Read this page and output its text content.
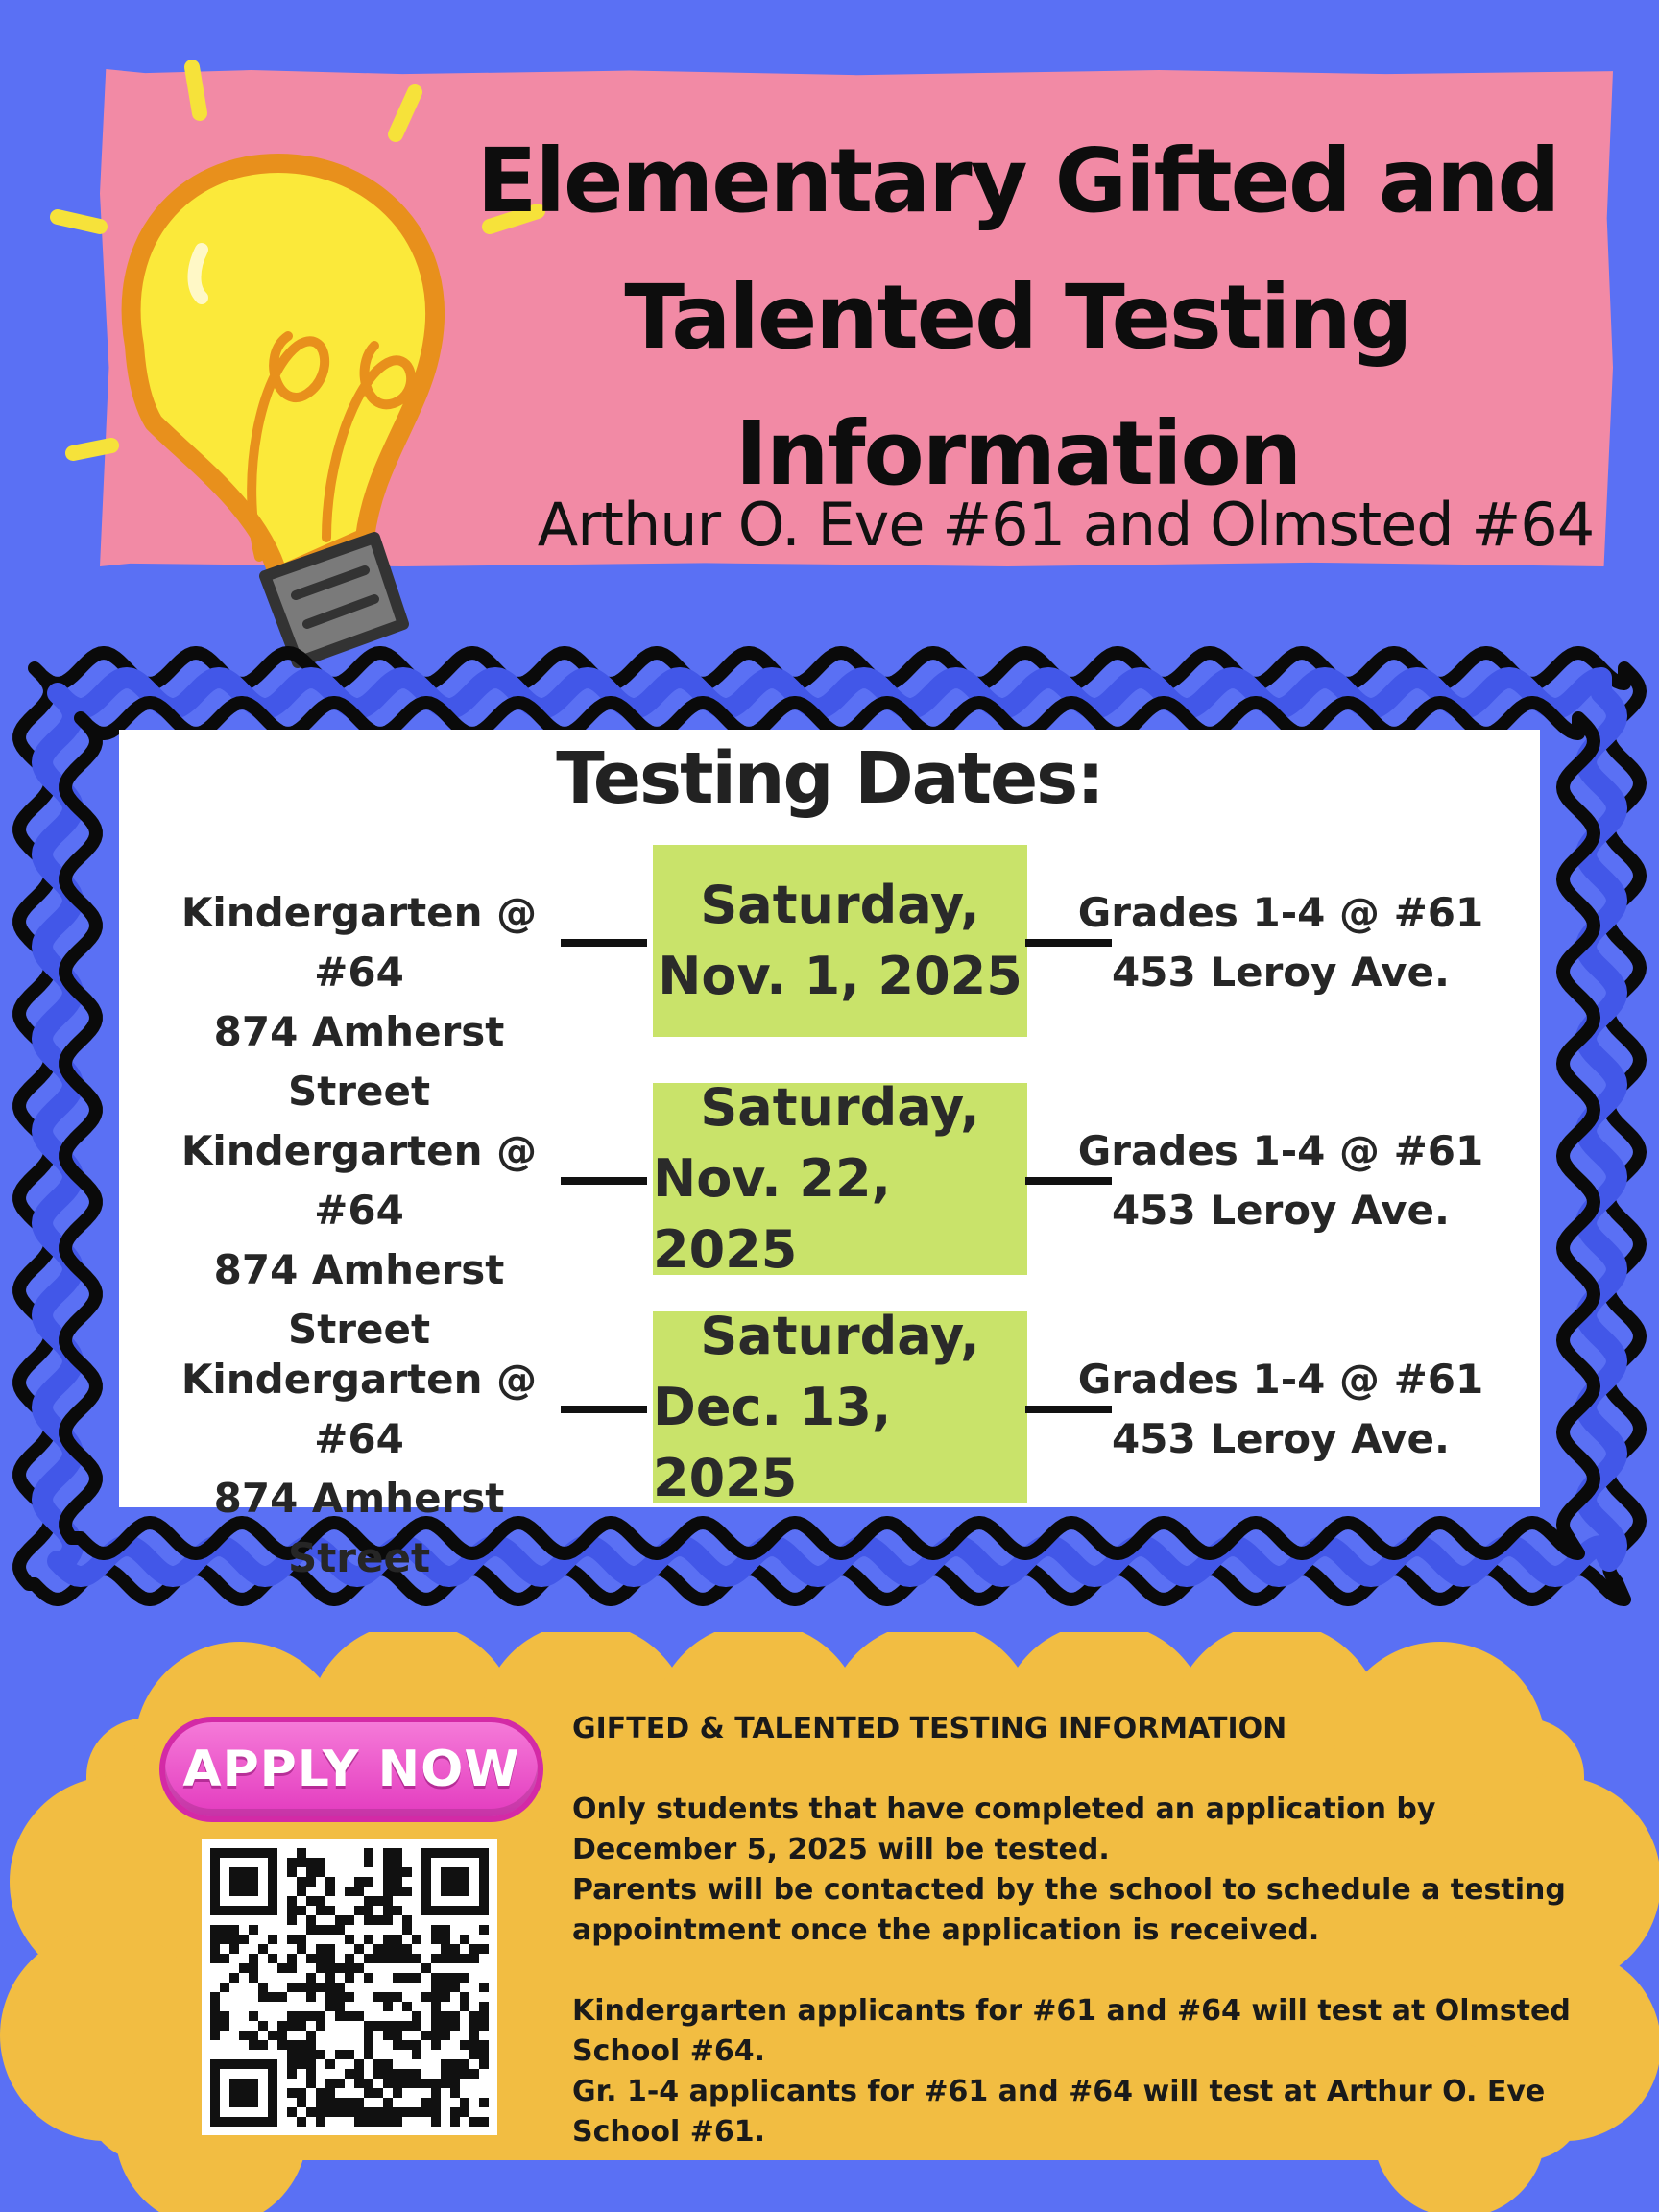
Elementary Gifted and
Talented Testing
Information
Arthur O. Eve #61 and Olmsted #64
Testing Dates:
Kindergarten @ #64
874 Amherst Street
Saturday,
Nov. 1, 2025
Grades 1-4 @ #61
453 Leroy Ave.
Kindergarten @ #64
874 Amherst Street
Saturday,
Nov. 22, 2025
Grades 1-4 @ #61
453 Leroy Ave.
Kindergarten @ #64
874 Amherst Street
Saturday,
Dec. 13, 2025
Grades 1-4 @ #61
453 Leroy Ave.
APPLY NOW

GIFTED & TALENTED TESTING INFORMATION

Only students that have completed an application by December 5, 2025 will be tested.

Parents will be contacted by the school to schedule a testing appointment once the application is received.

Kindergarten applicants for #61 and #64 will test at Olmsted School #64.

Gr. 1-4 applicants for #61 and #64 will test at Arthur O. Eve School #61.
